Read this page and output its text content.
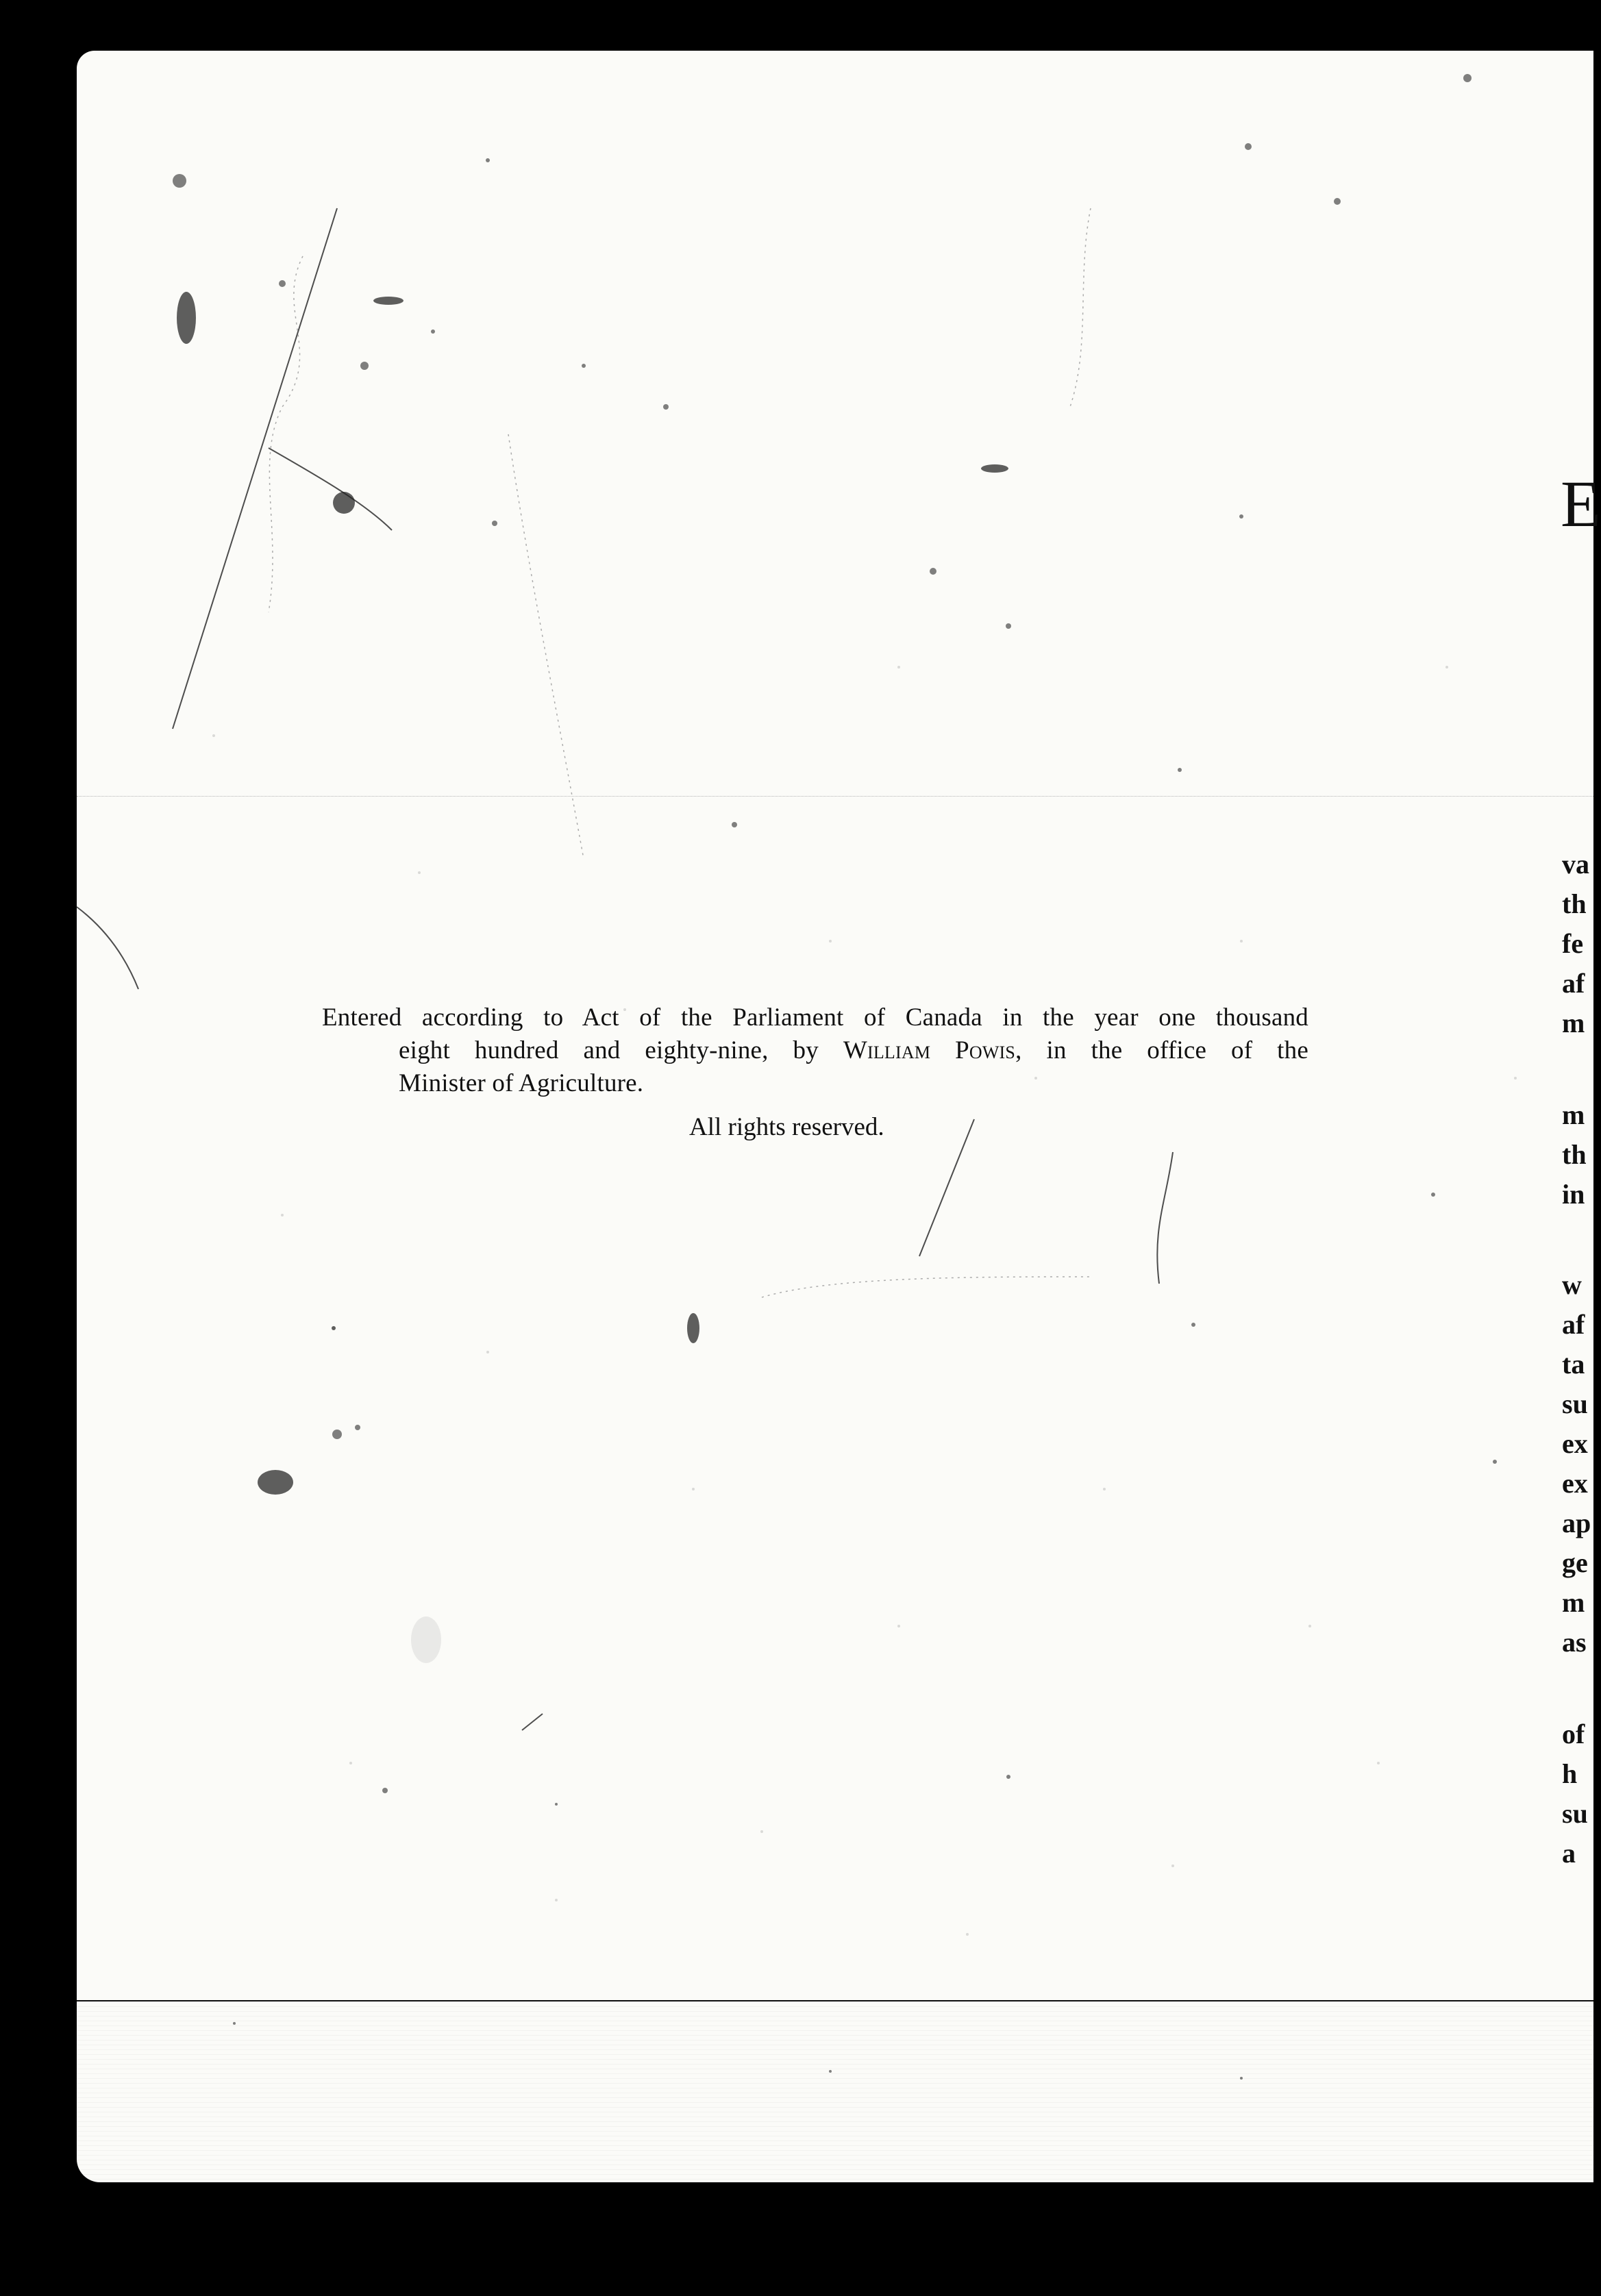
Entered according to Act of the Parliament of Canada in the year one thousand
eight hundred and eighty-nine, by William Powis, in the office of the
Minister of Agriculture.
All rights reserved.
E
va
th
fe
af
m
m
th
in
w
af
ta
su
ex
ex
ap
ge
m
as
of
h
su
a
